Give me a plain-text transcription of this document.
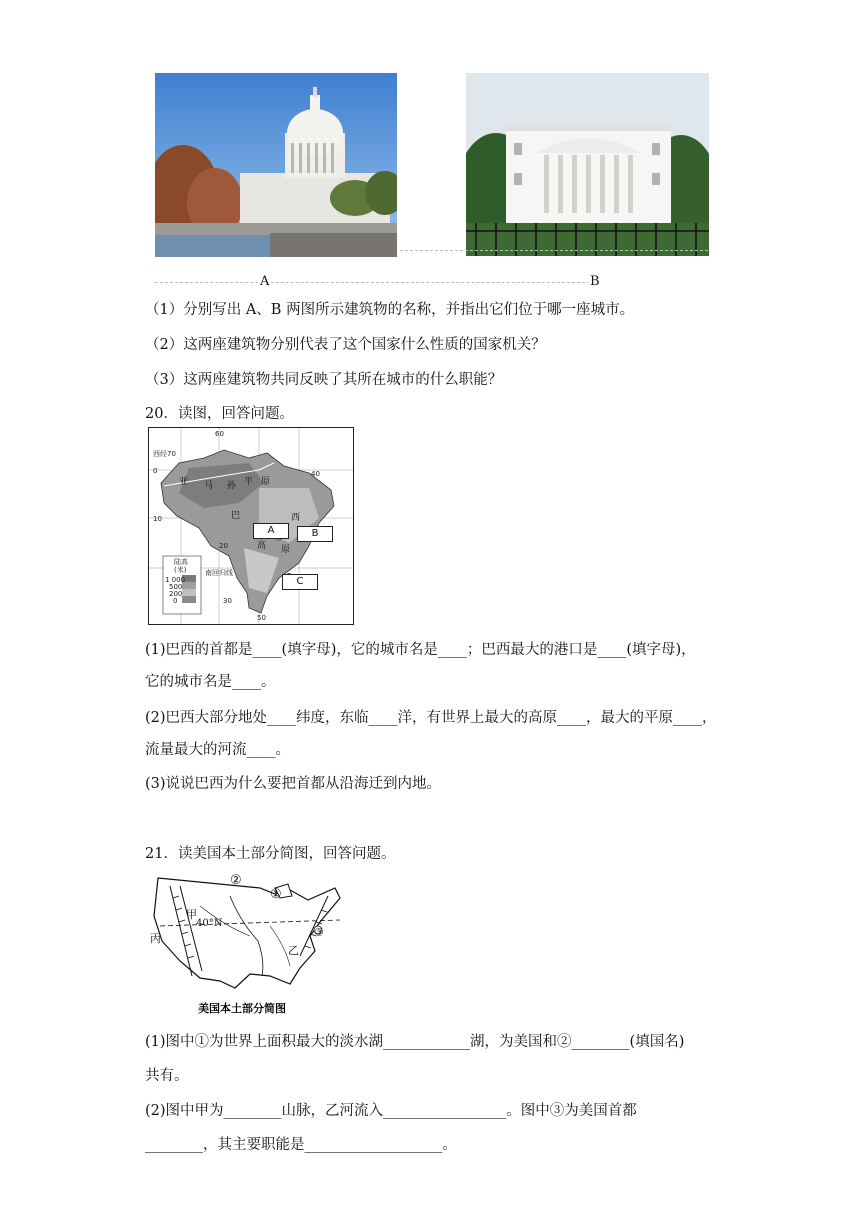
A	B
（1）分别写出 A、B 两图所示建筑物的名称，并指出它们位于哪一座城市。
（2）这两座建筑物分别代表了这个国家什么性质的国家机关？
（3）这两座建筑物共同反映了其所在城市的什么职能？
20．读图，回答问题。
陆高
(米)
1 000
500
200
0
60
西经70
0
10
40
20
30
50
南回归线
亚 马 孙 平 原
巴	西
高 原
A	B
C
(1)巴西的首都是____(填字母)，它的城市名是____；巴西最大的港口是____(填字母)，
它的城市名是____。
(2)巴西大部分地处____纬度，东临____洋，有世界上最大的高原____，最大的平原____，
流量最大的河流____。
(3)说说巴西为什么要把首都从沿海迁到内地。
21．读美国本土部分简图，回答问题。
②
①
③
甲
乙
丙
40°N
美国本土部分简图
(1)图中①为世界上面积最大的淡水湖____________湖，为美国和②________(填国名)
共有。
(2)图中甲为________山脉，乙河流入_________________。图中③为美国首都
________，其主要职能是___________________。
